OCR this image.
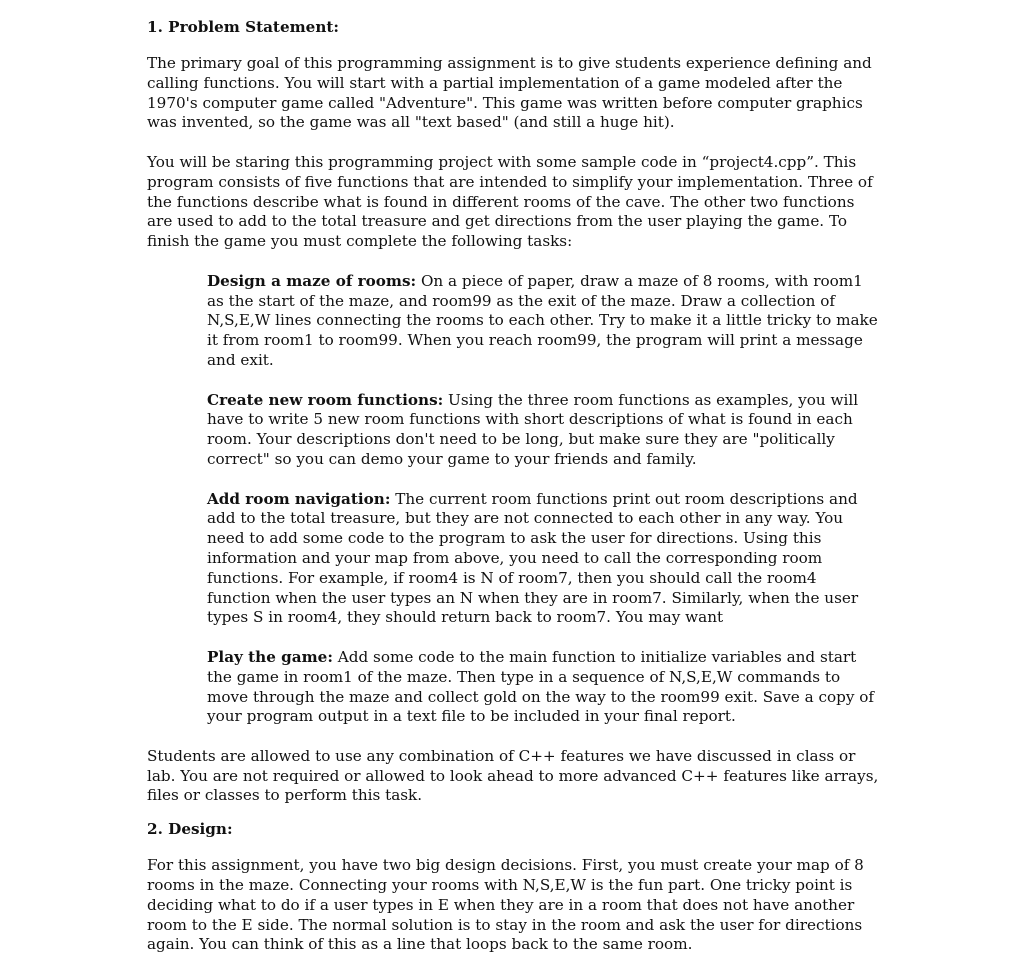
1. Problem Statement:

The primary goal of this programming assignment is to give students experience defining and calling functions. You will start with a partial implementation of a game modeled after the 1970's computer game called "Adventure". This game was written before computer graphics was invented, so the game was all "text based" (and still a huge hit).

You will be staring this programming project with some sample code in “project4.cpp”. This program consists of five functions that are intended to simplify your implementation. Three of the functions describe what is found in different rooms of the cave. The other two functions are used to add to the total treasure and get directions from the user playing the game. To finish the game you must complete the following tasks:

Design a maze of rooms: On a piece of paper, draw a maze of 8 rooms, with room1 as the start of the maze, and room99 as the exit of the maze. Draw a collection of N,S,E,W lines connecting the rooms to each other. Try to make it a little tricky to make it from room1 to room99. When you reach room99, the program will print a message and exit.

Create new room functions: Using the three room functions as examples, you will have to write 5 new room functions with short descriptions of what is found in each room. Your descriptions don't need to be long, but make sure they are "politically correct" so you can demo your game to your friends and family.

Add room navigation: The current room functions print out room descriptions and add to the total treasure, but they are not connected to each other in any way. You need to add some code to the program to ask the user for directions. Using this information and your map from above, you need to call the corresponding room functions. For example, if room4 is N of room7, then you should call the room4 function when the user types an N when they are in room7. Similarly, when the user types S in room4, they should return back to room7. You may want

Play the game: Add some code to the main function to initialize variables and start the game in room1 of the maze. Then type in a sequence of N,S,E,W commands to move through the maze and collect gold on the way to the room99 exit. Save a copy of your program output in a text file to be included in your final report.

Students are allowed to use any combination of C++ features we have discussed in class or lab. You are not required or allowed to look ahead to more advanced C++ features like arrays, files or classes to perform this task.

2. Design:

For this assignment, you have two big design decisions. First, you must create your map of 8 rooms in the maze. Connecting your rooms with N,S,E,W is the fun part. One tricky point is deciding what to do if a user types in E when they are in a room that does not have another room to the E side. The normal solution is to stay in the room and ask the user for directions again. You can think of this as a line that loops back to the same room.
